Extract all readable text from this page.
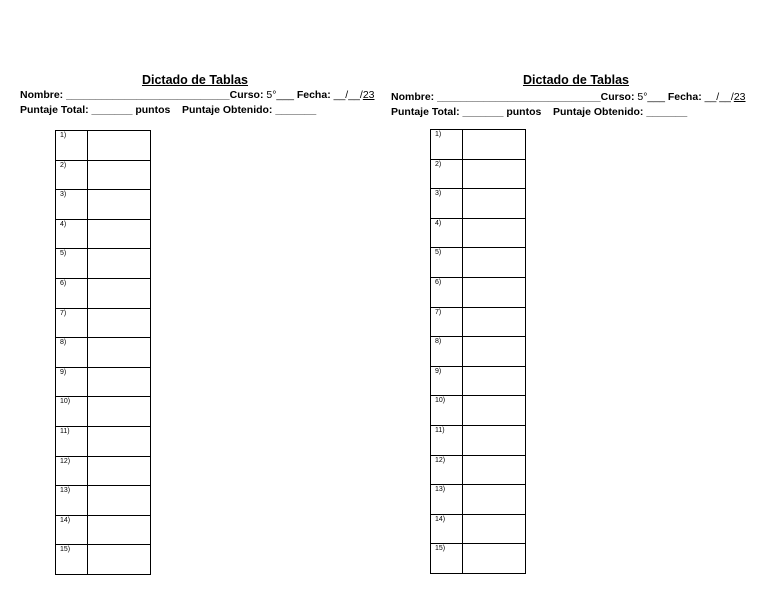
Dictado de Tablas
Nombre: ____________________________Curso: 5°___ Fecha: __/__/23
Puntaje Total: _______ puntos Puntaje Obtenido: _______
1)	
2)	
3)	
4)	
5)	
6)	
7)	
8)	
9)	
10)	
11)	
12)	
13)	
14)	
15)	
Dictado de Tablas
Nombre: ____________________________Curso: 5°___ Fecha: __/__/23
Puntaje Total: _______ puntos Puntaje Obtenido: _______
1)	
2)	
3)	
4)	
5)	
6)	
7)	
8)	
9)	
10)	
11)	
12)	
13)	
14)	
15)	
